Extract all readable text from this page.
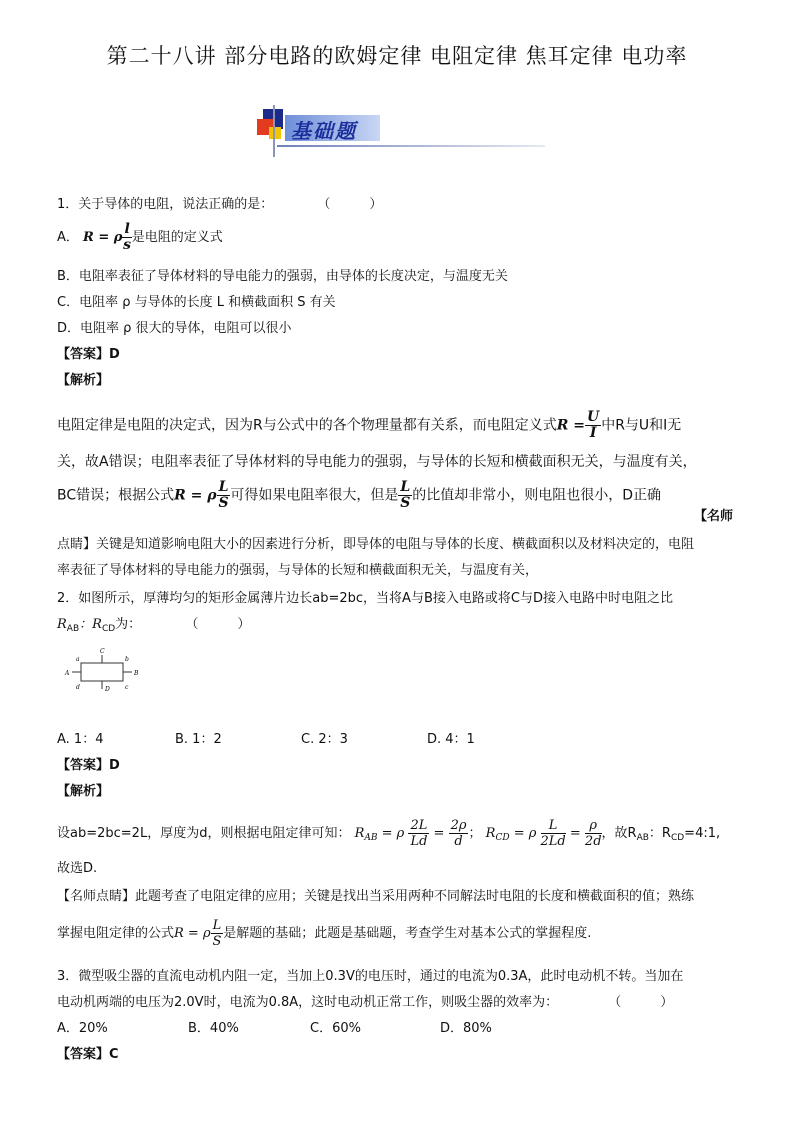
第二十八讲 部分电路的欧姆定律 电阻定律 焦耳定律 电功率
基础题
1．关于导体的电阻，说法正确的是：	（　　　）
A． R = ρ $\frac{l}{s}$ 是电阻的定义式
B．电阻率表征了导体材料的导电能力的强弱，由导体的长度决定，与温度无关
C．电阻率 ρ 与导体的长度 L 和横截面积 S 有关
D．电阻率 ρ 很大的导体，电阻可以很小
【答案】D
【解析】
电阻定律是电阻的决定式，因为R与公式中的各个物理量都有关系，而电阻定义式$R = \frac{U}{I}$ 中R与U和I无
关，故A错误；电阻率表征了导体材料的导电能力的强弱，与导体的长短和横截面积无关，与温度有关，
BC错误；根据公式R = ρ $\frac{L}{S}$ 可得如果电阻率很大，但是 $\frac{L}{S}$ 的比值却非常小，则电阻也很小，D正确
【名师
点睛】关键是知道影响电阻大小的因素进行分析，即导体的电阻与导体的长度、横截面积以及材料决定的，电阻
率表征了导体材料的导电能力的强弱，与导体的长短和横截面积无关，与温度有关，
2．如图所示，厚薄均匀的矩形金属薄片边长ab=2bc，当将A与B接入电路或将C与D接入电路中时电阻之比
$R_{AB}$：$R_{CD}$为：	（　　　）
a	b
c
d
A	B
C
D
A. 1：4	B. 1：2	C. 2：3	D. 4：1
【答案】D
【解析】
设ab=2bc=2L，厚度为d，则根据电阻定律可知： $R_{AB} = \rho \frac{2L}{Ld} = \frac{2\rho}{d}$ ； $R_{CD} = \rho \frac{L}{2Ld} = \frac{\rho}{2d}$ ，故$R_{AB}$：$R_{CD}=4:1$,
故选D.
【名师点睛】此题考查了电阻定律的应用；关键是找出当采用两种不同解法时电阻的长度和横截面积的值；熟练
掌握电阻定律的公式R = ρ $\frac{L}{S}$ 是解题的基础；此题是基础题，考查学生对基本公式的掌握程度.
3．微型吸尘器的直流电动机内阻一定，当加上0.3V的电压时，通过的电流为0.3A，此时电动机不转。当加在
电动机两端的电压为2.0V时，电流为0.8A，这时电动机正常工作，则吸尘器的效率为：	（　　　）
A．20%	B．40%	C．60%	D．80%
【答案】C
